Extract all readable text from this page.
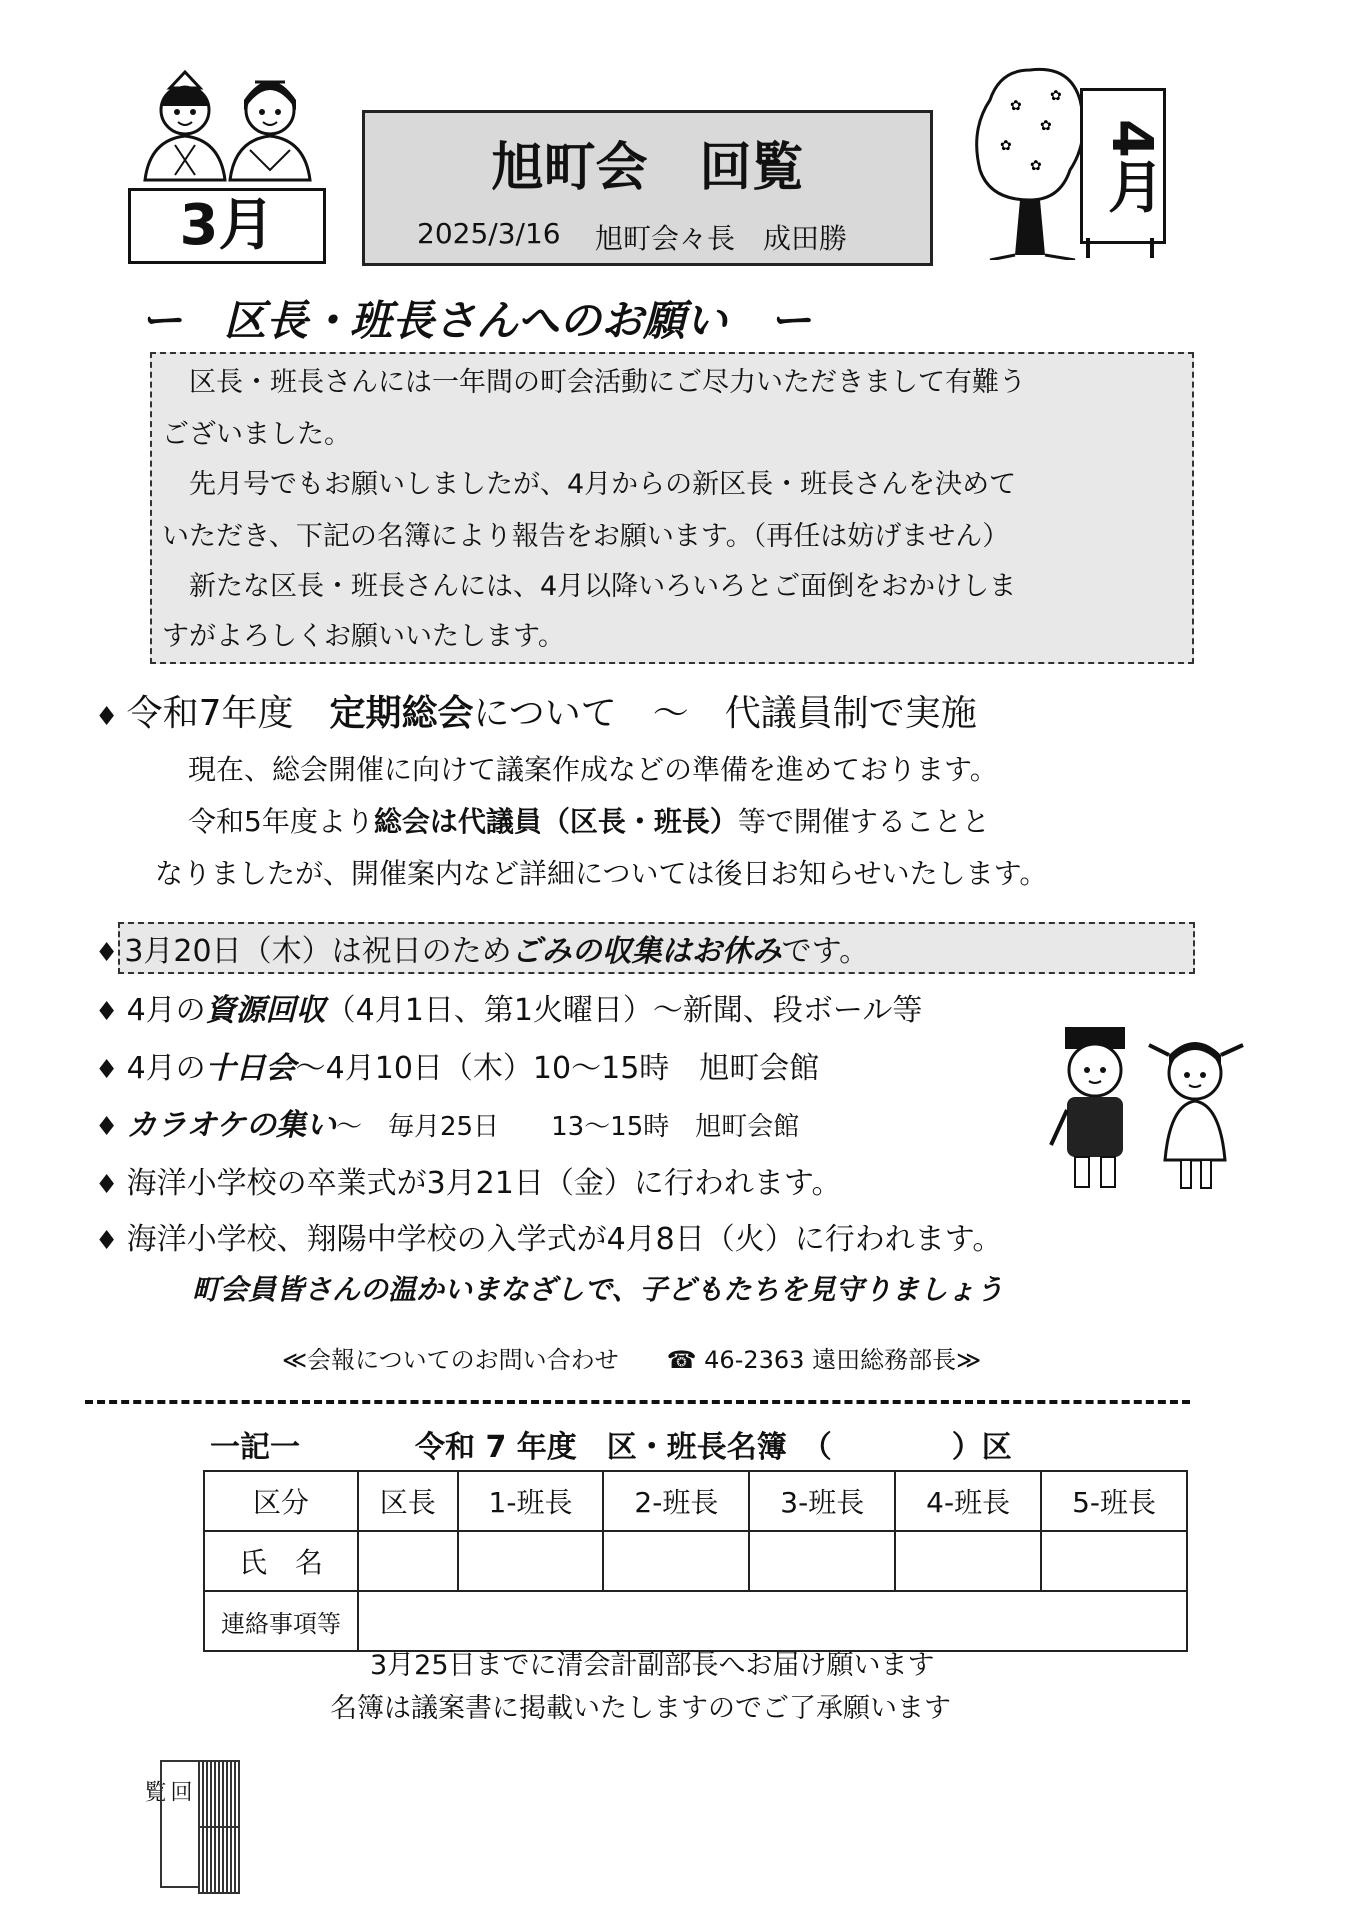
3月
旭町会　回覧
2025/3/16 旭町会々長　成田勝
✿
✿
✿
✿
✿
4月
ー　区長・班長さんへのお願い　ー
　区長・班長さんには一年間の町会活動にご尽力いただきまして有難う
ございました。
　先月号でもお願いしましたが、4月からの新区長・班長さんを決めて
いただき、下記の名簿により報告をお願います。（再任は妨げません）
　新たな区長・班長さんには、4月以降いろいろとご面倒をおかけしま
すがよろしくお願いいたします。
♦ 令和7年度　定期総会について　～　代議員制で実施
現在、総会開催に向けて議案作成などの準備を進めております。
令和5年度より総会は代議員（区長・班長）等で開催することと
なりましたが、開催案内など詳細については後日お知らせいたします。
♦ 3月20日（木）は祝日のためごみの収集はお休みです。
♦ 4月の資源回収（4月1日、第1火曜日）～新聞、段ボール等
♦ 4月の十日会～4月10日（木）10～15時　旭町会館
♦ カラオケの集い～　毎月25日　　13～15時　旭町会館
♦ 海洋小学校の卒業式が3月21日（金）に行われます。
♦ 海洋小学校、翔陽中学校の入学式が4月8日（火）に行われます。
町会員皆さんの温かいまなざしで、子どもたちを見守りましょう
≪会報についてのお問い合わせ　　☎ 46-2363 遠田総務部長≫
一記一	令和 7 年度　区・班長名簿　（　　　　）区
区分	区長	1-班長	2-班長	3-班長	4-班長	5-班長
氏　名						
連絡事項等						
3月25日までに清会計副部長へお届け願います
名簿は議案書に掲載いたしますのでご了承願います
回覧
